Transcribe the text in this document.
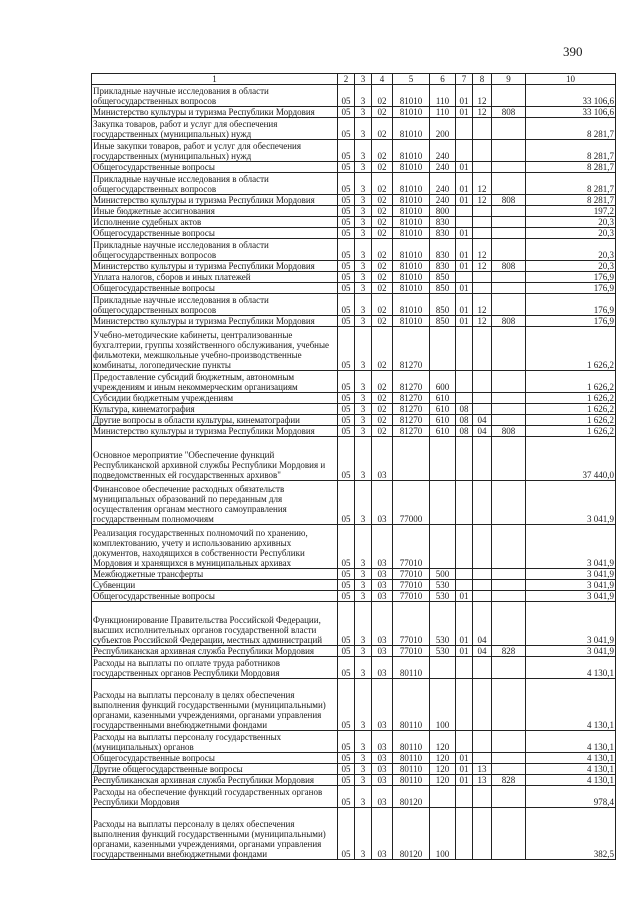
390
1	2	3	4	5	6	7	8	9	10
Прикладные научные исследования в области общегосударственных вопросов	05	3	02	81010	110	01	12		33 106,6
Министерство культуры и туризма Республики Мордовия	05	3	02	81010	110	01	12	808	33 106,6
Закупка товаров, работ и услуг для обеспечения государственных (муниципальных) нужд	05	3	02	81010	200				8 281,7
Иные закупки товаров, работ и услуг для обеспечения государственных (муниципальных) нужд	05	3	02	81010	240				8 281,7
Общегосударственные вопросы	05	3	02	81010	240	01			8 281,7
Прикладные научные исследования в области общегосударственных вопросов	05	3	02	81010	240	01	12		8 281,7
Министерство культуры и туризма Республики Мордовия	05	3	02	81010	240	01	12	808	8 281,7
Иные бюджетные ассигнования	05	3	02	81010	800				197,2
Исполнение судебных актов	05	3	02	81010	830				20,3
Общегосударственные вопросы	05	3	02	81010	830	01			20,3
Прикладные научные исследования в области общегосударственных вопросов	05	3	02	81010	830	01	12		20,3
Министерство культуры и туризма Республики Мордовия	05	3	02	81010	830	01	12	808	20,3
Уплата налогов, сборов и иных платежей	05	3	02	81010	850				176,9
Общегосударственные вопросы	05	3	02	81010	850	01			176,9
Прикладные научные исследования в области общегосударственных вопросов	05	3	02	81010	850	01	12		176,9
Министерство культуры и туризма Республики Мордовия	05	3	02	81010	850	01	12	808	176,9
Учебно-методические кабинеты, централизованные бухгалтерии, группы хозяйственного обслуживания, учебные фильмотеки, межшкольные учебно-производственные комбинаты, логопедические пункты	05	3	02	81270					1 626,2
Предоставление субсидий бюджетным, автономным учреждениям и иным некоммерческим организациям	05	3	02	81270	600				1 626,2
Субсидии бюджетным учреждениям	05	3	02	81270	610				1 626,2
Культура, кинематография	05	3	02	81270	610	08			1 626,2
Другие вопросы в области культуры, кинематографии	05	3	02	81270	610	08	04		1 626,2
Министерство культуры и туризма Республики Мордовия	05	3	02	81270	610	08	04	808	1 626,2
Основное мероприятие "Обеспечение функций Республиканской архивной службы Республики Мордовия и подведомственных ей государственных архивов"	05	3	03						37 440,0
Финансовое обеспечение расходных обязательств муниципальных образований по переданным для осуществления органам местного самоуправления государственным полномочиям	05	3	03	77000					3 041,9
Реализация государственных полномочий по хранению, комплектованию, учету и использованию архивных документов, находящихся в собственности Республики Мордовия и хранящихся в муниципальных архивах	05	3	03	77010					3 041,9
Межбюджетные трансферты	05	3	03	77010	500				3 041,9
Субвенции	05	3	03	77010	530				3 041,9
Общегосударственные вопросы	05	3	03	77010	530	01			3 041,9
Функционирование Правительства Российской Федерации, высших исполнительных органов государственной власти субъектов Российской Федерации, местных администраций	05	3	03	77010	530	01	04		3 041,9
Республиканская архивная служба Республики Мордовия	05	3	03	77010	530	01	04	828	3 041,9
Расходы на выплаты по оплате труда работников государственных органов Республики Мордовия	05	3	03	80110					4 130,1
Расходы на выплаты персоналу в целях обеспечения выполнения функций государственными (муниципальными) органами, казенными учреждениями, органами управления государственными внебюджетными фондами	05	3	03	80110	100				4 130,1
Расходы на выплаты персоналу государственных (муниципальных) органов	05	3	03	80110	120				4 130,1
Общегосударственные вопросы	05	3	03	80110	120	01			4 130,1
Другие общегосударственные вопросы	05	3	03	80110	120	01	13		4 130,1
Республиканская архивная служба Республики Мордовия	05	3	03	80110	120	01	13	828	4 130,1
Расходы на обеспечение функций государственных органов Республики Мордовия	05	3	03	80120					978,4
Расходы на выплаты персоналу в целях обеспечения выполнения функций государственными (муниципальными) органами, казенными учреждениями, органами управления государственными внебюджетными фондами	05	3	03	80120	100				382,5
